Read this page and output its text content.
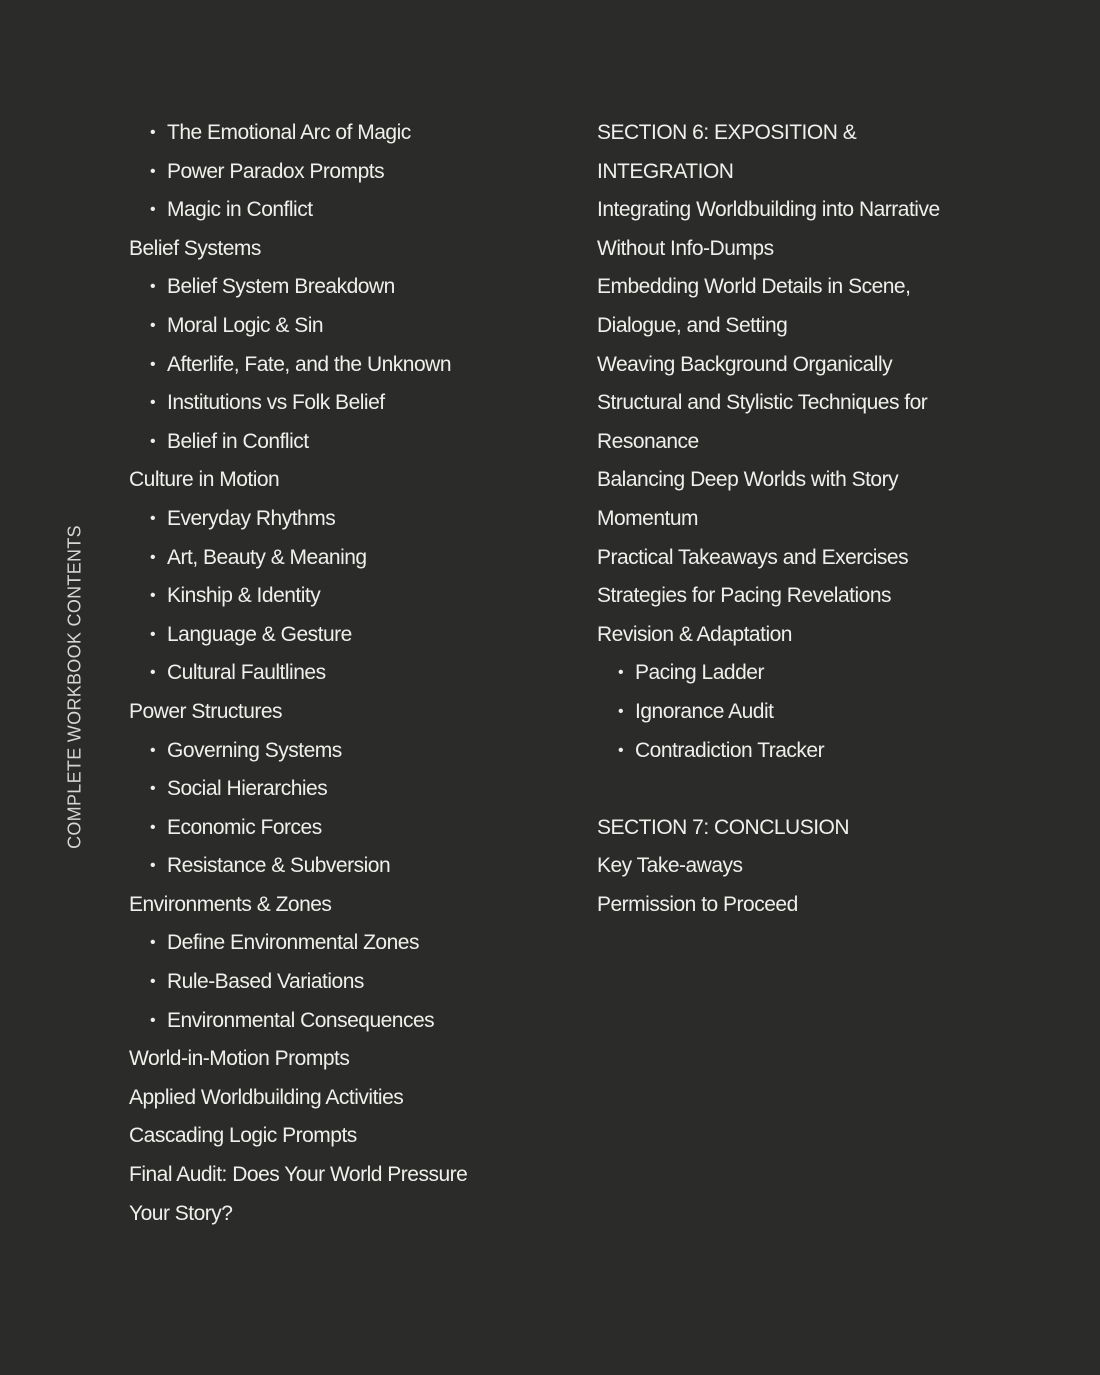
COMPLETE WORKBOOK CONTENTS
• The Emotional Arc of Magic
• Power Paradox Prompts
• Magic in Conflict
Belief Systems
• Belief System Breakdown
• Moral Logic & Sin
• Afterlife, Fate, and the Unknown
• Institutions vs Folk Belief
• Belief in Conflict
Culture in Motion
• Everyday Rhythms
• Art, Beauty & Meaning
• Kinship & Identity
• Language & Gesture
• Cultural Faultlines
Power Structures
• Governing Systems
• Social Hierarchies
• Economic Forces
• Resistance & Subversion
Environments & Zones
• Define Environmental Zones
• Rule-Based Variations
• Environmental Consequences
World-in-Motion Prompts
Applied Worldbuilding Activities
Cascading Logic Prompts
Final Audit: Does Your World Pressure
Your Story?
SECTION 6: EXPOSITION &
INTEGRATION
Integrating Worldbuilding into Narrative
Without Info-Dumps
Embedding World Details in Scene,
Dialogue, and Setting
Weaving Background Organically
Structural and Stylistic Techniques for
Resonance
Balancing Deep Worlds with Story
Momentum
Practical Takeaways and Exercises
Strategies for Pacing Revelations
Revision & Adaptation
• Pacing Ladder
• Ignorance Audit
• Contradiction Tracker
SECTION 7: CONCLUSION
Key Take-aways
Permission to Proceed
